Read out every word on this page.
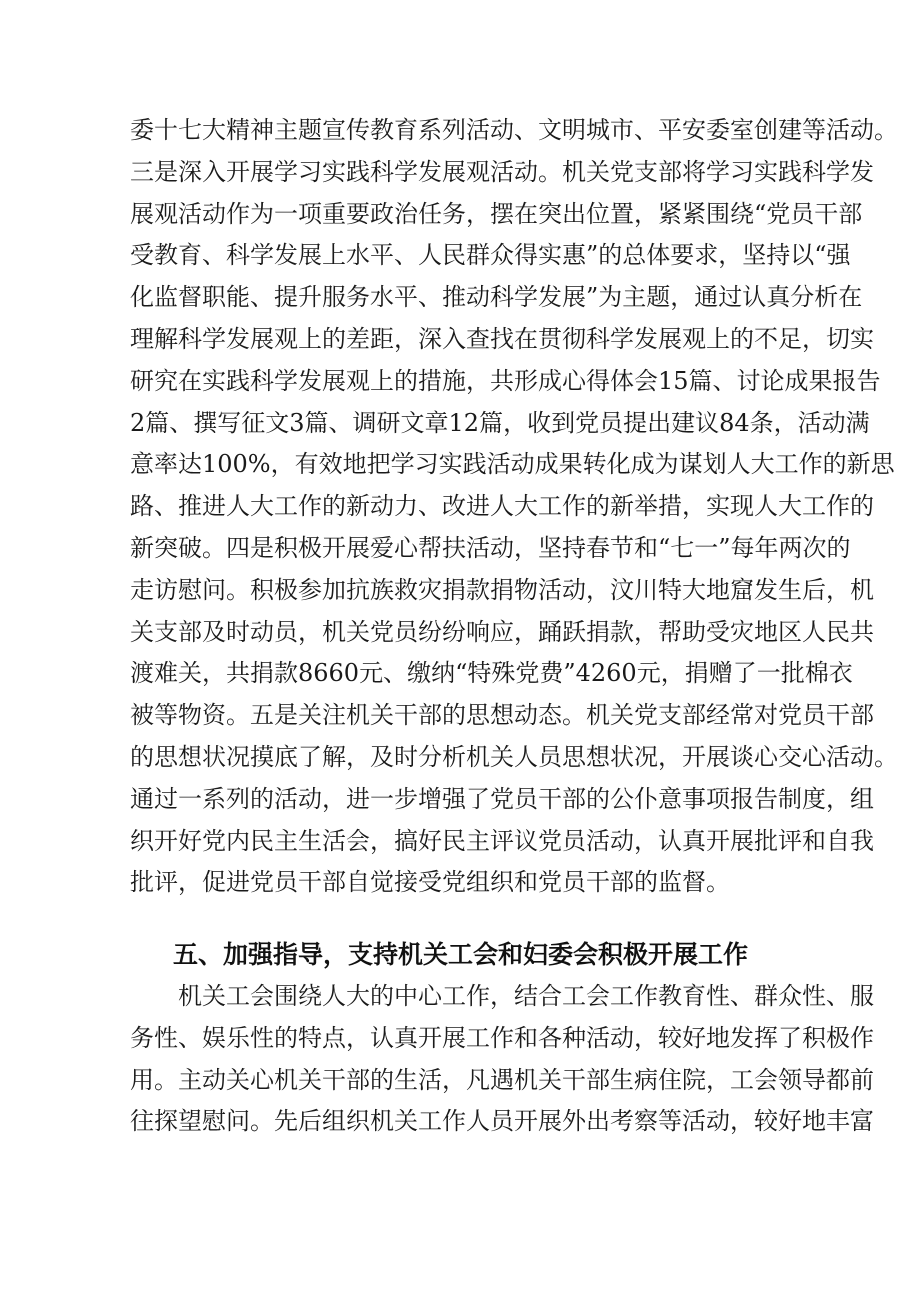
委十七大精神主题宣传教育系列活动、文明城市、平安委室创建等活动。
三是深入开展学习实践科学发展观活动。机关党支部将学习实践科学发
展观活动作为一项重要政治任务，摆在突出位置，紧紧围绕“党员干部
受教育、科学发展上水平、人民群众得实惠”的总体要求，坚持以“强
化监督职能、提升服务水平、推动科学发展”为主题，通过认真分析在
理解科学发展观上的差距，深入查找在贯彻科学发展观上的不足，切实
研究在实践科学发展观上的措施，共形成心得体会15篇、讨论成果报告
2篇、撰写征文3篇、调研文章12篇，收到党员提出建议84条，活动满
意率达100%，有效地把学习实践活动成果转化成为谋划人大工作的新思
路、推进人大工作的新动力、改进人大工作的新举措，实现人大工作的
新突破。四是积极开展爱心帮扶活动，坚持春节和“七一”每年两次的
走访慰问。积极参加抗族救灾捐款捐物活动，汶川特大地窟发生后，机
关支部及时动员，机关党员纷纷响应，踊跃捐款，帮助受灾地区人民共
渡难关，共捐款8660元、缴纳“特殊党费”4260元，捐赠了一批棉衣
被等物资。五是关注机关干部的思想动态。机关党支部经常对党员干部
的思想状况摸底了解，及时分析机关人员思想状况，开展谈心交心活动。
通过一系列的活动，进一步增强了党员干部的公仆意事项报告制度，组
织开好党内民主生活会，搞好民主评议党员活动，认真开展批评和自我
批评，促进党员干部自觉接受党组织和党员干部的监督。
五、加强指导，支持机关工会和妇委会积极开展工作
机关工会围绕人大的中心工作，结合工会工作教育性、群众性、服
务性、娱乐性的特点，认真开展工作和各种活动，较好地发挥了积极作
用。主动关心机关干部的生活，凡遇机关干部生病住院，工会领导都前
往探望慰问。先后组织机关工作人员开展外出考察等活动，较好地丰富
